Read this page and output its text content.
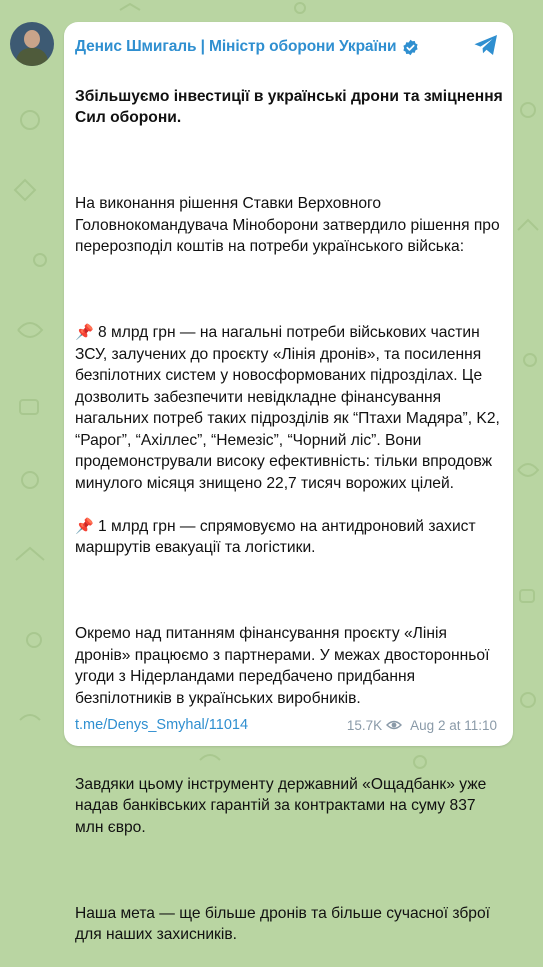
Денис Шмигаль | Міністр оборони України

Збільшуємо інвестиції в українські дрони та зміцнення Сил оборони.

На виконання рішення Ставки Верховного Головнокомандувача Міноборони затвердило рішення про перерозподіл коштів на потреби українського війська:

📌 8 млрд грн — на нагальні потреби військових частин ЗСУ, залучених до проєкту «Лінія дронів», та посилення безпілотних систем у новосформованих підрозділах. Це дозволить забезпечити невідкладне фінансування нагальних потреб таких підрозділів як “Птахи Мадяра”, K2, “Рарог”, “Ахіллес”, “Немезіс”, “Чорний ліс”. Вони продемонстрували високу ефективність: тільки впродовж минулого місяця знищено 22,7 тисяч ворожих цілей.

📌 1 млрд грн — спрямовуємо на антидроновий захист маршрутів евакуації та логістики.

Окремо над питанням фінансування проєкту «Лінія дронів» працюємо з партнерами. У межах двосторонньої угоди з Нідерландами передбачено придбання безпілотників в українських виробників.

Завдяки цьому інструменту державний «Ощадбанк» уже надав банківських гарантій за контрактами на суму 837 млн євро.

Наша мета — ще більше дронів та більше сучасної зброї для наших захисників.

t.me/Denys_Smyhal/11014	15.7K Aug 2 at 11:10
